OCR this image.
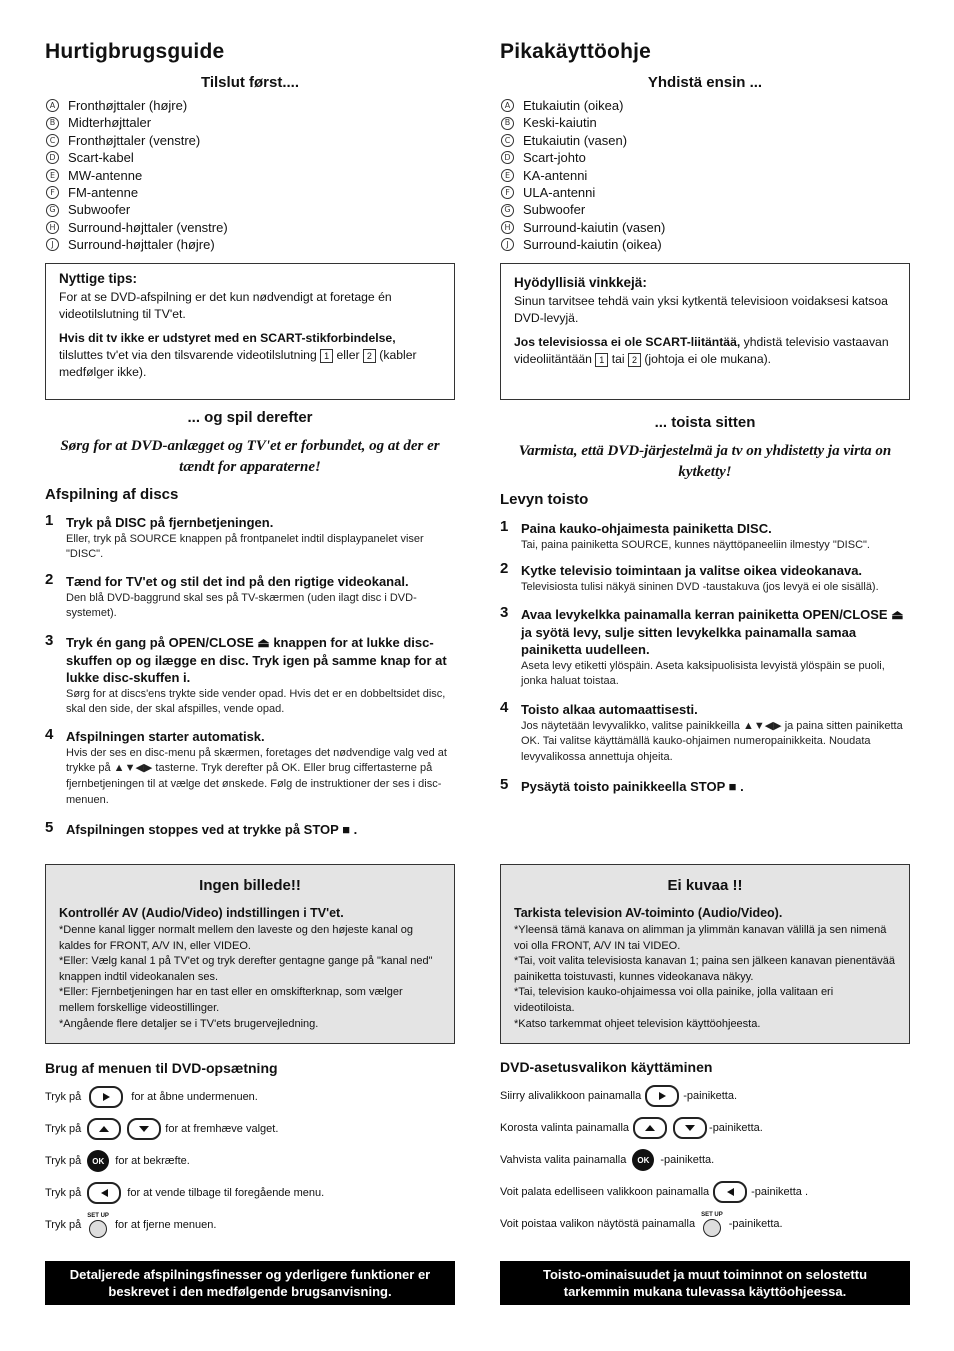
Hurtigbrugsguide
Tilslut først....
A Fronthøjttaler (højre)
B Midterhøjttaler
C Fronthøjttaler (venstre)
D Scart-kabel
E MW-antenne
F	FM-antenne
G Subwoofer
H Surround-højttaler (venstre)
J	Surround-højttaler (højre)
Nyttige tips:

For at se DVD-afspilning er det kun nødvendigt at foretage én videotilslutning til TV'et.

Hvis dit tv ikke er udstyret med en SCART-stikforbindelse, tilsluttes tv'et via den tilsvarende videotilslutning 1 eller 2 (kabler medfølger ikke).

... og spil derefter
Sørg for at DVD-anlægget og TV'et er forbundet, og at der er tændt for apparaterne!
Afspilning af discs
1 Tryk på DISC på fjernbetjeningen.
Eller, tryk på SOURCE knappen på frontpanelet indtil displaypanelet viser "DISC".
2 Tænd for TV'et og stil det ind på den rigtige videokanal.
Den blå DVD-baggrund skal ses på TV-skærmen (uden ilagt disc i DVD-systemet).
3 Tryk én gang på OPEN/CLOSE ⏏ knappen for at lukke disc-skuffen op og ilægge en disc. Tryk igen på samme knap for at lukke disc-skuffen i.
Sørg for at discs'ens trykte side vender opad. Hvis det er en dobbeltsidet disc, skal den side, der skal afspilles, vende opad.
4 Afspilningen starter automatisk.
Hvis der ses en disc-menu på skærmen, foretages det nødvendige valg ved at trykke på ▲▼◀▶ tasterne. Tryk derefter på OK. Eller brug ciffertasterne på fjernbetjeningen til at vælge det ønskede. Følg de instruktioner der ses i disc-menuen.
5 Afspilningen stoppes ved at trykke på STOP ■ .
Ingen billede!!
Kontrollér AV (Audio/Video) indstillingen i TV'et.
*Denne kanal ligger normalt mellem den laveste og den højeste kanal og kaldes for FRONT, A/V IN, eller VIDEO.
*Eller: Vælg kanal 1 på TV'et og tryk derefter gentagne gange på "kanal ned" knappen indtil videokanalen ses.
*Eller: Fjernbetjeningen har en tast eller en omskifterknap, som vælger mellem forskellige videostillinger.
*Angående flere detaljer se i TV'ets brugervejledning.
Brug af menuen til DVD-opsætning
Tryk på	for at åbne undermenuen.
Tryk på	for at fremhæve valget.
Tryk på	OK	for at bekræfte.
Tryk på	for at vende tilbage til foregående menu.
Tryk på
SET UP
for at fjerne menuen.
Detaljerede afspilningsfinesser og yderligere funktioner er beskrevet i den medfølgende brugsanvisning.
Pikakäyttöohje
Yhdistä ensin ...
A Etukaiutin (oikea)
B Keski-kaiutin
C Etukaiutin (vasen)
D Scart-johto
E KA-antenni
F	ULA-antenni
G Subwoofer
H Surround-kaiutin (vasen)
J	Surround-kaiutin (oikea)
Hyödyllisiä vinkkejä:

Sinun tarvitsee tehdä vain yksi kytkentä televisioon voidaksesi katsoa DVD-levyjä.

Jos televisiossa ei ole SCART-liitäntää, yhdistä televisio vastaavan videoliitäntään 1 tai 2 (johtoja ei ole mukana).

... toista sitten
Varmista, että DVD-järjestelmä ja tv on yhdistetty ja virta on kytketty!
Levyn toisto
1 Paina kauko-ohjaimesta painiketta DISC.
Tai, paina painiketta SOURCE, kunnes näyttöpaneeliin ilmestyy "DISC".
2 Kytke televisio toimintaan ja valitse oikea videokanava.
Televisiosta tulisi näkyä sininen DVD -taustakuva (jos levyä ei ole sisällä).
3 Avaa levykelkka painamalla kerran painiketta OPEN/CLOSE ⏏ ja syötä levy, sulje sitten levykelkka painamalla samaa painiketta uudelleen.
Aseta levy etiketti ylöspäin. Aseta kaksipuolisista levyistä ylöspäin se puoli, jonka haluat toistaa.
4 Toisto alkaa automaattisesti.
Jos näytetään levyvalikko, valitse painikkeilla ▲▼◀▶ ja paina sitten painiketta OK. Tai valitse käyttämällä kauko-ohjaimen numeropainikkeita. Noudata levyvalikossa annettuja ohjeita.
5 Pysäytä toisto painikkeella STOP ■ .
Ei kuvaa !!
Tarkista television AV-toiminto (Audio/Video).
*Yleensä tämä kanava on alimman ja ylimmän kanavan välillä ja sen nimenä voi olla FRONT, A/V IN tai VIDEO.
*Tai, voit valita televisiosta kanavan 1; paina sen jälkeen kanavan pienentävää painiketta toistuvasti, kunnes videokanava näkyy.
*Tai, television kauko-ohjaimessa voi olla painike, jolla valitaan eri videotiloista.
*Katso tarkemmat ohjeet television käyttöohjeesta.
DVD-asetusvalikon käyttäminen
Siirry alivalikkoon painamalla	-painiketta.
Korosta valinta painamalla	-painiketta.
Vahvista valita painamalla	OK	-painiketta.
Voit palata edelliseen valikkoon painamalla	-painiketta .
Voit poistaa valikon näytöstä painamalla
SET UP
-painiketta.
Toisto-ominaisuudet ja muut toiminnot on selostettu tarkemmin mukana tulevassa käyttöohjeessa.
